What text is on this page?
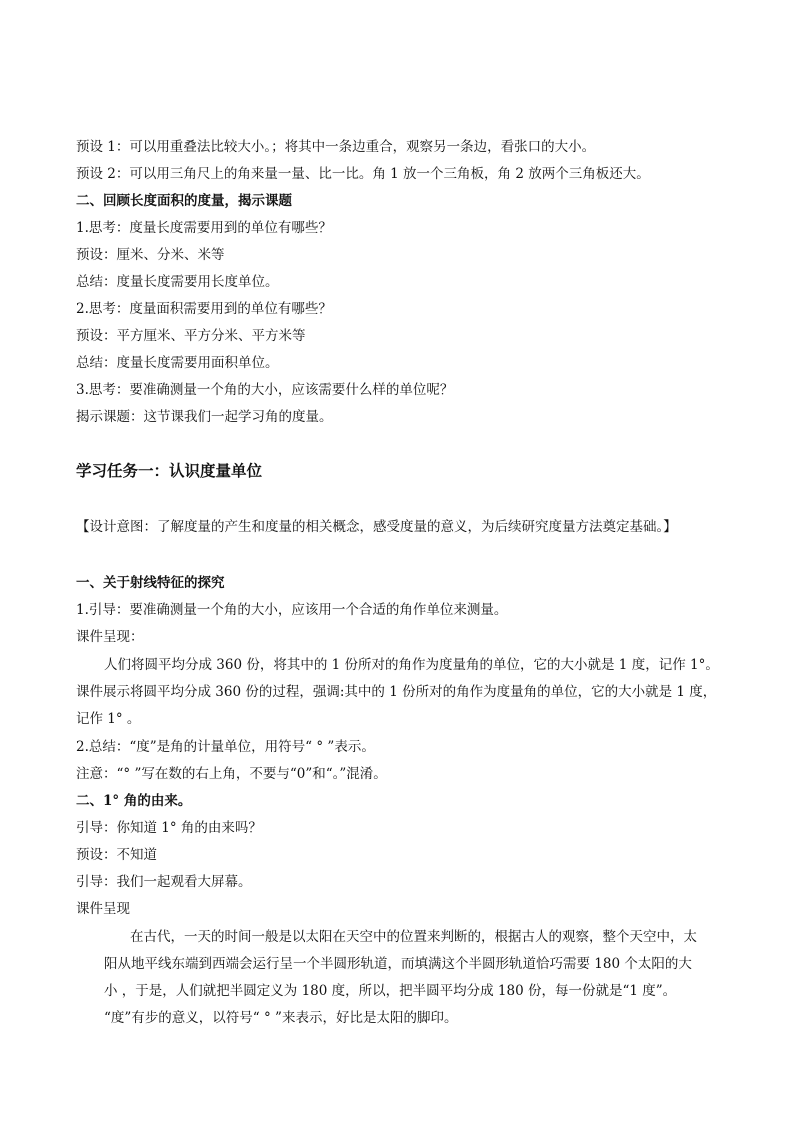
预设 1：可以用重叠法比较大小。；将其中一条边重合，观察另一条边，看张口的大小。
预设 2：可以用三角尺上的角来量一量、比一比。角 1 放一个三角板，角 2 放两个三角板还大。
二、回顾长度面积的度量，揭示课题
1.思考：度量长度需要用到的单位有哪些？
预设：厘米、分米、米等
总结：度量长度需要用长度单位。
2.思考：度量面积需要用到的单位有哪些？
预设：平方厘米、平方分米、平方米等
总结：度量长度需要用面积单位。
3.思考：要准确测量一个角的大小，应该需要什么样的单位呢？
揭示课题：这节课我们一起学习角的度量。
学习任务一：认识度量单位
【设计意图：了解度量的产生和度量的相关概念，感受度量的意义，为后续研究度量方法奠定基础。】
一、关于射线特征的探究
1.引导：要准确测量一个角的大小，应该用一个合适的角作单位来测量。
课件呈现：
人们将圆平均分成 360 份，将其中的 1 份所对的角作为度量角的单位，它的大小就是 1 度，记作 1°。
课件展示将圆平均分成 360 份的过程，强调:其中的 1 份所对的角作为度量角的单位，它的大小就是 1 度，
记作 1° 。
2.总结：“度”是角的计量单位，用符号“ ° ”表示。
注意：“° ”写在数的右上角，不要与“0”和“。”混淆。
二、1° 角的由来。
引导：你知道 1° 角的由来吗？
预设：不知道
引导：我们一起观看大屏幕。
课件呈现
在古代，一天的时间一般是以太阳在天空中的位置来判断的，根据古人的观察，整个天空中，太
阳从地平线东端到西端会运行呈一个半圆形轨道，而填满这个半圆形轨道恰巧需要 180 个太阳的大
小 ，于是，人们就把半圆定义为 180 度，所以，把半圆平均分成 180 份，每一份就是“1 度”。
“度”有步的意义，以符号“ ° ”来表示，好比是太阳的脚印。
